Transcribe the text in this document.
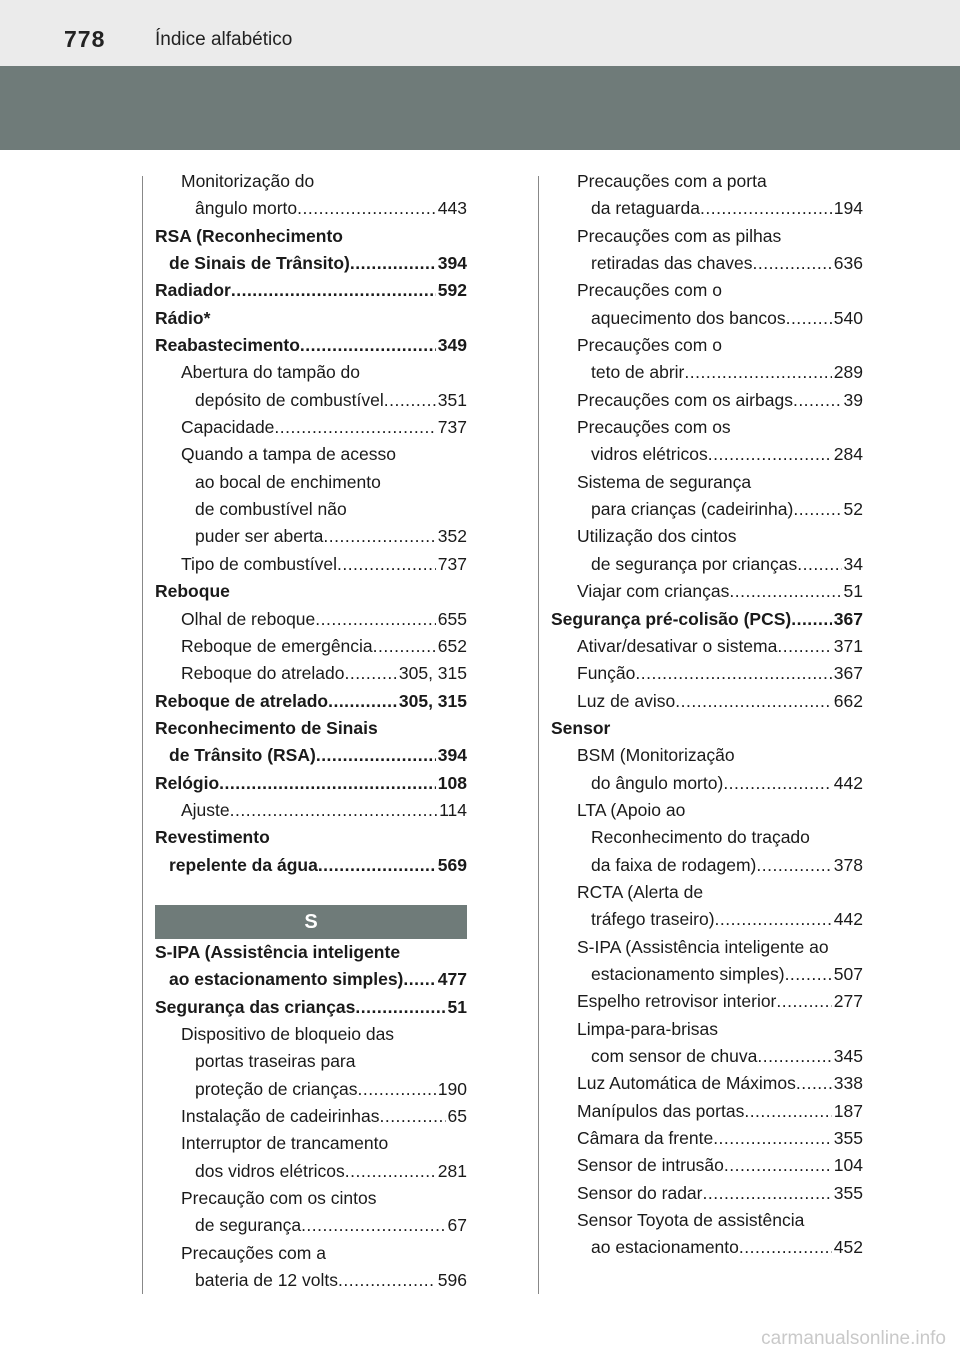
778	Índice alfabético
Monitorização do
ângulo morto .....	443
RSA (Reconhecimento
de Sinais de Trânsito) .....	394
Radiador .....	592
Rádio*
Reabastecimento .....	349
Abertura do tampão do
depósito de combustível .....	351
Capacidade .....	737
Quando a tampa de acesso
ao bocal de enchimento
de combustível não
puder ser aberta .....	352
Tipo de combustível .....	737
Reboque
Olhal de reboque .....	655
Reboque de emergência .....	652
Reboque do atrelado .....	305, 315
Reboque de atrelado .....	305, 315
Reconhecimento de Sinais
de Trânsito (RSA) .....	394
Relógio .....	108
Ajuste .....	114
Revestimento
repelente da água .....	569
S
S-IPA (Assistência inteligente
ao estacionamento simples) ..... 477
Segurança das crianças .....	51
Dispositivo de bloqueio das
portas traseiras para
proteção de crianças .....	190
Instalação de cadeirinhas .....	65
Interruptor de trancamento
dos vidros elétricos .....	281
Precaução com os cintos
de segurança .....	67
Precauções com a
bateria de 12 volts .....	596
Precauções com a porta
da retaguarda .....	194
Precauções com as pilhas
retiradas das chaves .....	636
Precauções com o
aquecimento dos bancos .....	540
Precauções com o
teto de abrir .....	289
Precauções com os airbags .....	39
Precauções com os
vidros elétricos .....	284
Sistema de segurança
para crianças (cadeirinha) .....	52
Utilização dos cintos
de segurança por crianças .....	34
Viajar com crianças .....	51
Segurança pré-colisão (PCS) ..... 367
Ativar/desativar o sistema .....	371
Função .....	367
Luz de aviso .....	662
Sensor
BSM (Monitorização
do ângulo morto) .....	442
LTA (Apoio ao
Reconhecimento do traçado
da faixa de rodagem) .....	378
RCTA (Alerta de
tráfego traseiro) .....	442
S-IPA (Assistência inteligente ao
estacionamento simples) .....	507
Espelho retrovisor interior .....	277
Limpa-para-brisas
com sensor de chuva .....	345
Luz Automática de Máximos ..... 338
Manípulos das portas .....	187
Câmara da frente .....	355
Sensor de intrusão .....	104
Sensor do radar .....	355
Sensor Toyota de assistência
ao estacionamento .....	452
carmanualsonline.info
